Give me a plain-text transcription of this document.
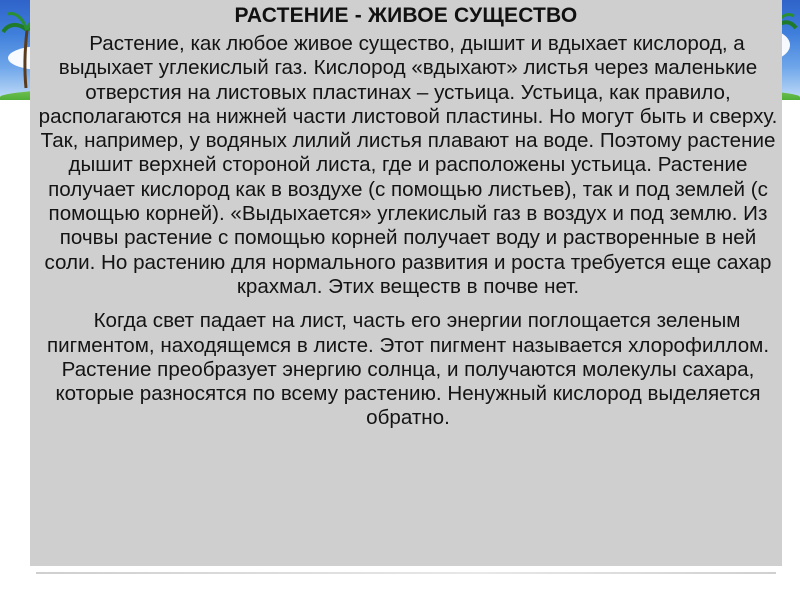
РАСТЕНИЕ - ЖИВОЕ СУЩЕСТВО

Растение, как любое живое существо, дышит и вдыхает кислород, а выдыхает углекислый газ. Кислород «вдыхают» листья через маленькие отверстия на листовых пластинах – устьица. Устьица, как правило, располагаются на нижней части листовой пластины. Но могут быть и сверху. Так, например, у водяных лилий листья плавают на воде. Поэтому растение дышит верхней стороной листа, где и расположены устьица. Растение получает кислород как в воздухе (с помощью листьев), так и под землей (с помощью корней). «Выдыхается» углекислый газ в воздух и под землю. Из почвы растение с помощью корней получает воду и растворенные в ней соли. Но растению для нормального развития и роста требуется еще сахар крахмал. Этих веществ в почве нет.

Когда свет падает на лист, часть его энергии поглощается зеленым пигментом, находящемся в листе. Этот пигмент называется хлорофиллом. Растение преобразует энергию солнца, и получаются молекулы сахара, которые разносятся по всему растению. Ненужный кислород выделяется обратно.
